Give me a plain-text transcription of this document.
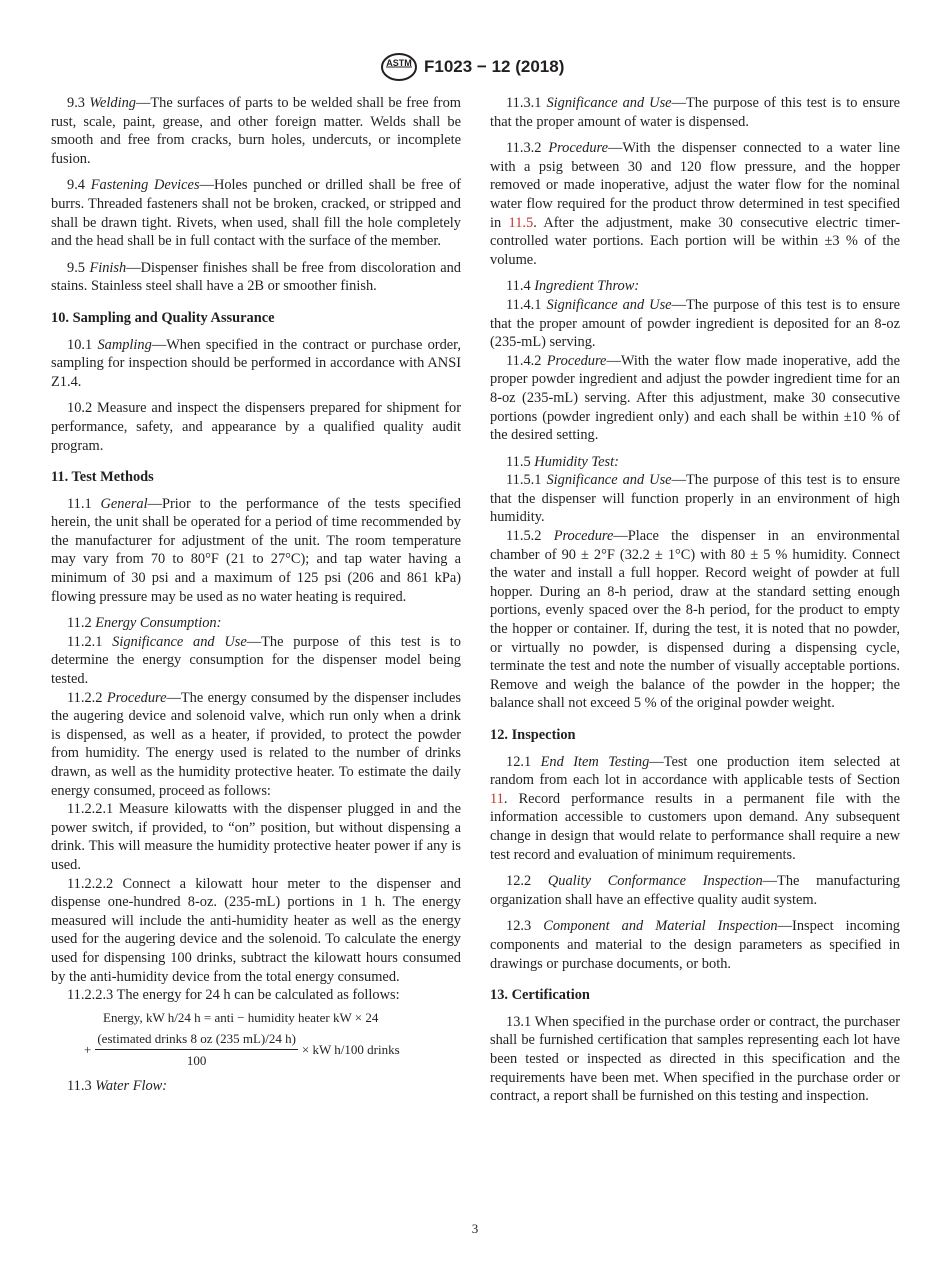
ASTM F1023 − 12 (2018)

9.3 Welding—The surfaces of parts to be welded shall be free from rust, scale, paint, grease, and other foreign matter. Welds shall be smooth and free from cracks, burn holes, undercuts, or incomplete fusion.

9.4 Fastening Devices—Holes punched or drilled shall be free of burrs. Threaded fasteners shall not be broken, cracked, or stripped and shall be drawn tight. Rivets, when used, shall fill the hole completely and the head shall be in full contact with the surface of the member.

9.5 Finish—Dispenser finishes shall be free from discoloration and stains. Stainless steel shall have a 2B or smoother finish.

10. Sampling and Quality Assurance

10.1 Sampling—When specified in the contract or purchase order, sampling for inspection should be performed in accordance with ANSI Z1.4.

10.2 Measure and inspect the dispensers prepared for shipment for performance, safety, and appearance by a qualified quality audit program.

11. Test Methods

11.1 General—Prior to the performance of the tests specified herein, the unit shall be operated for a period of time recommended by the manufacturer for adjustment of the unit. The room temperature may vary from 70 to 80°F (21 to 27°C); and tap water having a minimum of 30 psi and a maximum of 125 psi (206 and 861 kPa) flowing pressure may be used as no water heating is required.

11.2 Energy Consumption:

11.2.1 Significance and Use—The purpose of this test is to determine the energy consumption for the dispenser model being tested.

11.2.2 Procedure—The energy consumed by the dispenser includes the augering device and solenoid valve, which run only when a drink is dispensed, as well as a heater, if provided, to protect the powder from humidity. The energy used is related to the number of drinks drawn, as well as the humidity protective heater. To estimate the daily energy consumed, proceed as follows:

11.2.2.1 Measure kilowatts with the dispenser plugged in and the power switch, if provided, to “on” position, but without dispensing a drink. This will measure the humidity protective heater power if any is used.

11.2.2.2 Connect a kilowatt hour meter to the dispenser and dispense one-hundred 8-oz. (235-mL) portions in 1 h. The energy measured will include the anti-humidity heater as well as the energy used for the augering device and the solenoid. To calculate the energy used for dispensing 100 drinks, subtract the kilowatt hours consumed by the anti-humidity device from the total energy consumed.

11.2.2.3 The energy for 24 h can be calculated as follows:

Energy, kW h/24 h = anti − humidity heater kW × 24
+ $\frac{\text{(estimated drinks 8 oz (235 mL)/24 h)}}{100}$ × kW h/100 drinks

11.3 Water Flow:

11.3.1 Significance and Use—The purpose of this test is to ensure that the proper amount of water is dispensed.

11.3.2 Procedure—With the dispenser connected to a water line with a psig between 30 and 120 flow pressure, and the hopper removed or made inoperative, adjust the water flow for the nominal water flow required for the product throw determined in test specified in 11.5. After the adjustment, make 30 consecutive electric timer-controlled water portions. Each portion will be within ±3 % of the volume.

11.4 Ingredient Throw:

11.4.1 Significance and Use—The purpose of this test is to ensure that the proper amount of powder ingredient is deposited for an 8-oz (235-mL) serving.

11.4.2 Procedure—With the water flow made inoperative, add the proper powder ingredient and adjust the powder ingredient time for an 8-oz (235-mL) serving. After this adjustment, make 30 consecutive portions (powder ingredient only) and each shall be within ±10 % of the desired setting.

11.5 Humidity Test:

11.5.1 Significance and Use—The purpose of this test is to ensure that the dispenser will function properly in an environment of high humidity.

11.5.2 Procedure—Place the dispenser in an environmental chamber of 90 ± 2°F (32.2 ± 1°C) with 80 ± 5 % humidity. Connect the water and install a full hopper. Record weight of powder at full hopper. During an 8-h period, draw at the standard setting enough portions, evenly spaced over the 8-h period, for the product to empty the hopper or container. If, during the test, it is noted that no powder, or virtually no powder, is dispensed during a dispensing cycle, terminate the test and note the number of visually acceptable portions. Remove and weigh the balance of the powder in the hopper; the balance shall not exceed 5 % of the original powder weight.

12. Inspection

12.1 End Item Testing—Test one production item selected at random from each lot in accordance with applicable tests of Section 11. Record performance results in a permanent file with the information accessible to customers upon demand. Any subsequent change in design that would relate to performance shall require a new test record and evaluation of minimum requirements.

12.2 Quality Conformance Inspection—The manufacturing organization shall have an effective quality audit system.

12.3 Component and Material Inspection—Inspect incoming components and material to the design parameters as specified in drawings or purchase documents, or both.

13. Certification

13.1 When specified in the purchase order or contract, the purchaser shall be furnished certification that samples representing each lot have been tested or inspected as directed in this specification and the requirements have been met. When specified in the purchase order or contract, a report shall be furnished on this testing and inspection.

3
